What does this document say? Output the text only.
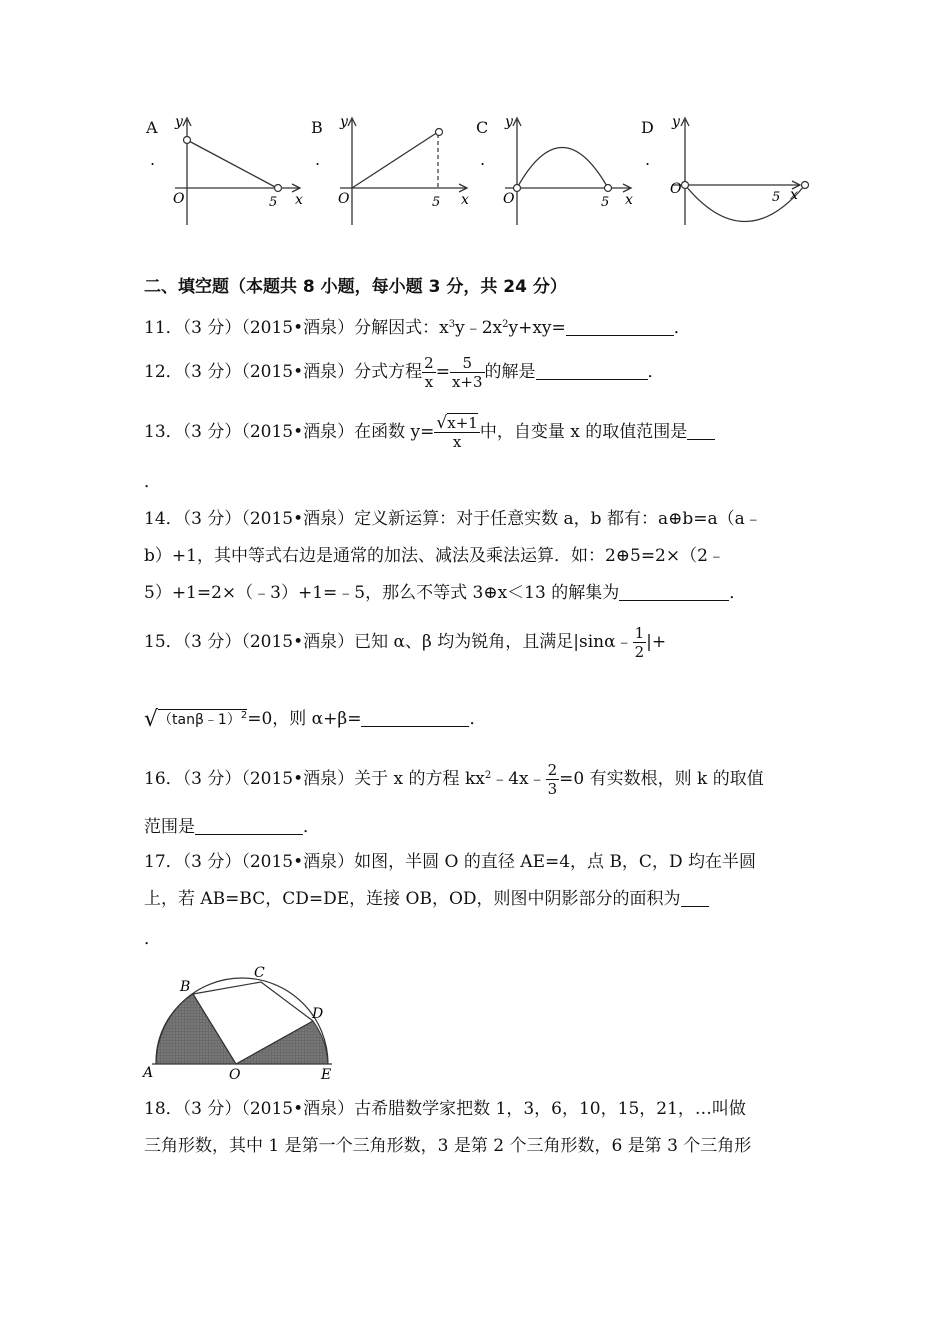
A
.
y
O	5 x
B
.
y
O	5 x
C
.
y
O	5 x
D
.
y
O
5 x
二、填空题（本题共 8 小题，每小题 3 分，共 24 分）
11．（3 分）（2015•酒泉）分解因式：$x^3y﹣2x^2y+xy=$	．
12．（3 分）（2015•酒泉）分式方程 $\frac{2}{x} = \frac{5}{x+3}$ 的解是	．
13．（3 分）（2015•酒泉）在函数 $y= \frac{√x+1}{x}$ 中，自变量 x 的取值范围是
．
14．（3 分）（2015•酒泉）定义新运算：对于任意实数 a，b 都有：a⊕b=a（a﹣
b）+1，其中等式右边是通常的加法、减法及乘法运算．如：2⊕5=2×（2﹣
5）+1=2×（﹣3）+1=﹣5，那么不等式 3⊕x＜13 的解集为	．
15．（3 分）（2015•酒泉）已知 α、β 均为锐角，且满足|sinα﹣ $\frac{1}{2}$ |+
√（tanβ﹣1）$^2$=0，则 α+β=	．
16．（3 分）（2015•酒泉）关于 x 的方程 $kx^2﹣4x﹣ \frac{2}{3} =0$ 有实数根，则 k 的取值
范围是	．
17．（3 分）（2015•酒泉）如图，半圆 O 的直径 AE=4，点 B，C，D 均在半圆
上，若 AB=BC，CD=DE，连接 OB，OD，则图中阴影部分的面积为
．
A
B
C
D
E
O
18．（3 分）（2015•酒泉）古希腊数学家把数 1，3，6，10，15，21，…叫做
三角形数，其中 1 是第一个三角形数，3 是第 2 个三角形数，6 是第 3 个三角形
